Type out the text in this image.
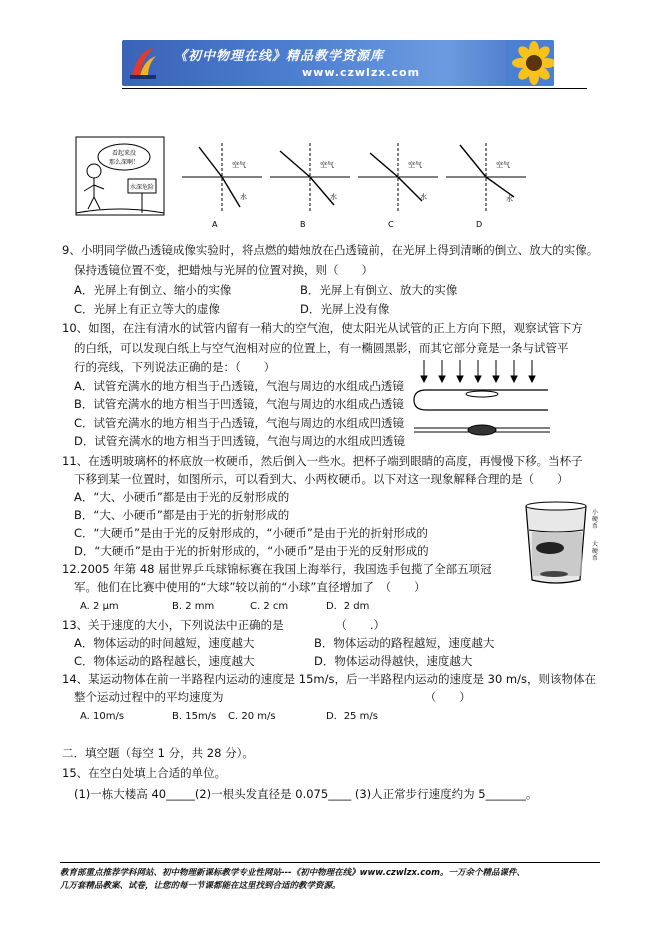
《初中物理在线》精品教学资源库
www.czwlzx.com
看起来没
那么深啊！
水深危险
空气
水
A
空气
水
B
空气
水
C
空气
水
D
9、小明同学做凸透镜成像实验时，将点燃的蜡烛放在凸透镜前，在光屏上得到清晰的倒立、放大的实像。
保持透镜位置不变，把蜡烛与光屏的位置对换，则（　　）
A．光屏上有倒立、缩小的实像	B．光屏上有倒立、放大的实像
C．光屏上有正立等大的虚像	D．光屏上没有像
10、如图，在注有清水的试管内留有一稍大的空气泡，使太阳光从试管的正上方向下照，观察试管下方
的白纸，可以发现白纸上与空气泡相对应的位置上，有一椭圆黑影，而其它部分竟是一条与试管平
行的亮线，下列说法正确的是：（　　）
A．试管充满水的地方相当于凸透镜，气泡与周边的水组成凸透镜
B．试管充满水的地方相当于凹透镜，气泡与周边的水组成凸透镜
C．试管充满水的地方相当于凸透镜，气泡与周边的水组成凹透镜
D．试管充满水的地方相当于凹透镜，气泡与周边的水组成凹透镜
11、在透明玻璃杯的杯底放一枚硬币，然后倒入一些水。把杯子端到眼睛的高度，再慢慢下移。当杯子
下移到某一位置时，如图所示，可以看到大、小两枚硬币。以下对这一现象解释合理的是（　　）
A．“大、小硬币”都是由于光的反射形成的
B．“大、小硬币”都是由于光的折射形成的
C．“大硬币”是由于光的反射形成的，“小硬币”是由于光的折射形成的
D．“大硬币”是由于光的折射形成的，“小硬币”是由于光的反射形成的
小硬币
大硬币
12.2005 年第 48 届世界乒乓球锦标赛在我国上海举行，我国选手包揽了全部五项冠
军。他们在比赛中使用的“大球”较以前的“小球”直径增加了　（　　）
A. 2 μm	B. 2 mm	C. 2 cm	D．2 dm
13、关于速度的大小，下列说法中正确的是　　　　　（　　.）
A．物体运动的时间越短，速度越大	B．物体运动的路程越短，速度越大
C．物体运动的路程越长，速度越大	D．物体运动得越快，速度越大
14、某运动物体在前一半路程内运动的速度是 15m/s，后一半路程内运动的速度是 30 m/s，则该物体在
整个运动过程中的平均速度为　　　　　　　　　　　　　　　　　　（　　）
A. 10m/s	B. 15m/s C. 20 m/s	D．25 m/s
二．填空题（每空 1 分，共 28 分）。
15、在空白处填上合适的单位。
(1)一栋大楼高 40_____(2)一根头发直径是 0.075____ (3)人正常步行速度约为 5_______。
教育部重点推荐学科网站、初中物理新课标教学专业性网站---《初中物理在线》www.czwlzx.com。一万余个精品课件、
几万套精品教案、试卷，让您的每一节课都能在这里找到合适的教学资源。
